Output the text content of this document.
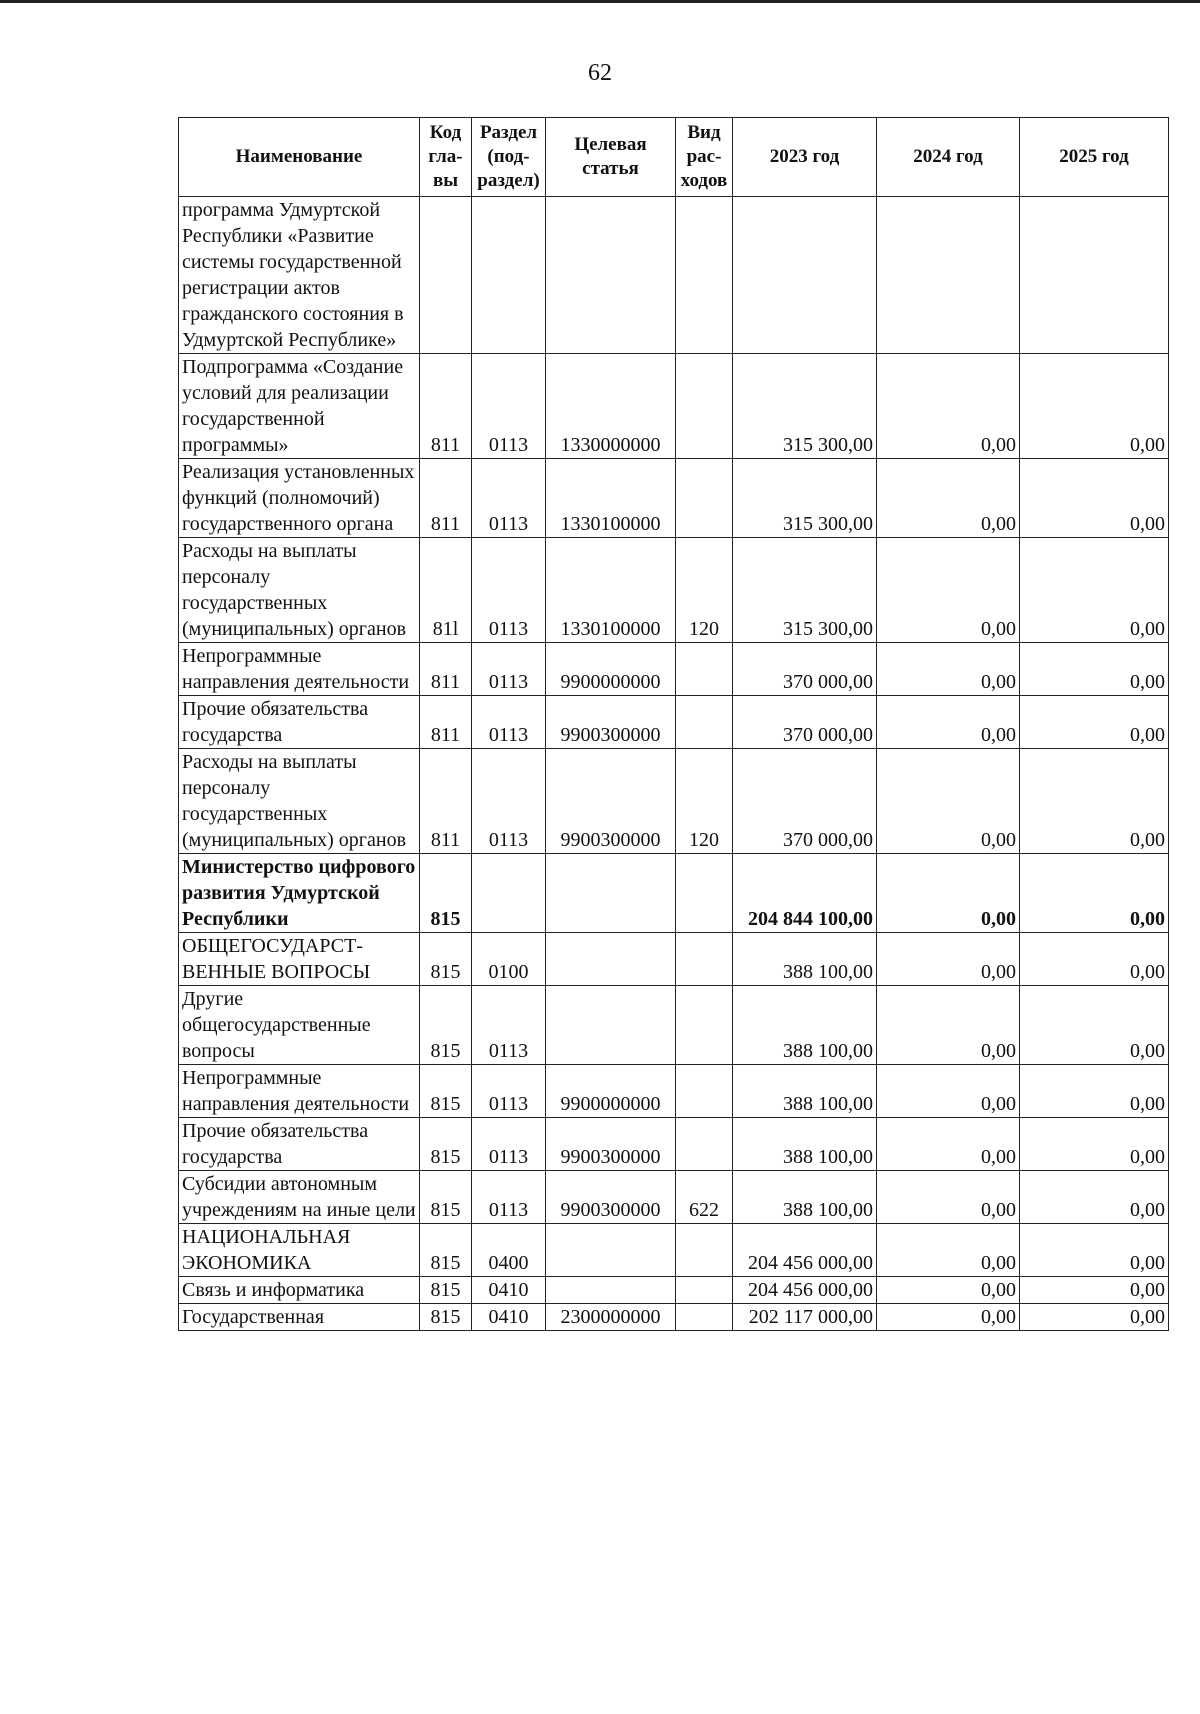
62
Наименование	Код гла-вы	Раздел (под-раздел)	Целевая статья	Вид рас-ходов	2023 год	2024 год	2025 год
программа Удмуртской Республики «Развитие системы государственной регистрации актов гражданского состояния в Удмуртской Республике»							
Подпрограмма «Создание условий для реализации государственной программы»	811	0113	1330000000		315 300,00	0,00	0,00
Реализация установленных функций (полномочий) государственного органа	811	0113	1330100000		315 300,00	0,00	0,00
Расходы на выплаты персоналу государственных (муниципальных) органов	81l	0113	1330100000	120	315 300,00	0,00	0,00
Непрограммные направления деятельности	811	0113	9900000000		370 000,00	0,00	0,00
Прочие обязательства государства	811	0113	9900300000		370 000,00	0,00	0,00
Расходы на выплаты персоналу государственных (муниципальных) органов	811	0113	9900300000	120	370 000,00	0,00	0,00
Министерство цифрового развития Удмуртской Республики	815				204 844 100,00	0,00	0,00
ОБЩЕГОСУДАРСТ-ВЕННЫЕ ВОПРОСЫ	815	0100			388 100,00	0,00	0,00
Другие общегосударственные вопросы	815	0113			388 100,00	0,00	0,00
Непрограммные направления деятельности	815	0113	9900000000		388 100,00	0,00	0,00
Прочие обязательства государства	815	0113	9900300000		388 100,00	0,00	0,00
Субсидии автономным учреждениям на иные цели	815	0113	9900300000	622	388 100,00	0,00	0,00
НАЦИОНАЛЬНАЯ ЭКОНОМИКА	815	0400			204 456 000,00	0,00	0,00
Связь и информатика	815	0410			204 456 000,00	0,00	0,00
Государственная	815	0410	2300000000		202 117 000,00	0,00	0,00
